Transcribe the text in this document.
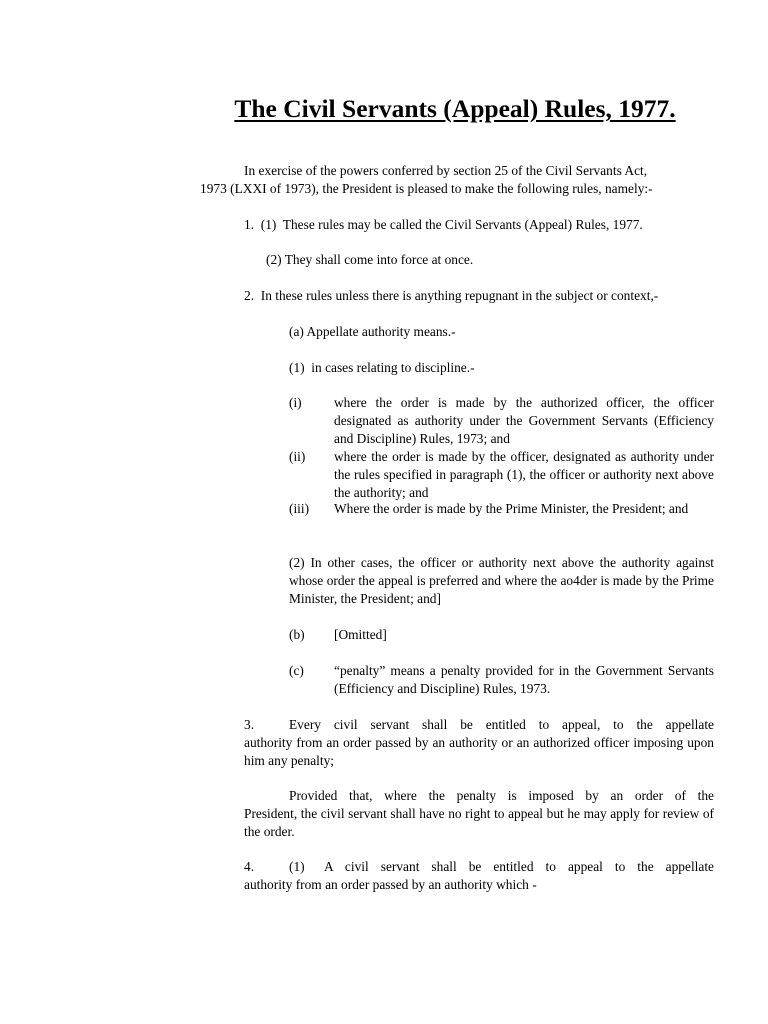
The Civil Servants (Appeal) Rules, 1977.

In exercise of the powers conferred by section 25 of the Civil Servants Act,

1973 (LXXI of 1973), the President is pleased to make the following rules, namely:-

1.  (1)  These rules may be called the Civil Servants (Appeal) Rules, 1977.

(2) They shall come into force at once.

2.  In these rules unless there is anything repugnant in the subject or context,-

(a) Appellate authority means.-

(1)  in cases relating to discipline.-

(i) where the order is made by the authorized officer, the officer designated as authority under the Government Servants (Efficiency and Discipline) Rules, 1973; and

(ii) where the order is made by the officer, designated as authority under the rules specified in paragraph (1), the officer or authority next above the authority; and

(iii) Where the order is made by the Prime Minister, the President; and

(2) In other cases, the officer or authority next above the authority against whose order the appeal is preferred and where the ao4der is made by the Prime Minister, the President; and]

(b) [Omitted]
(c) “penalty” means a penalty provided for in the Government Servants (Efficiency and Discipline) Rules, 1973.

3.	Every civil servant shall be entitled to appeal, to the appellate

authority from an order passed by an authority or an authorized officer imposing upon him any penalty;

Provided that, where the penalty is imposed by an order of the

President, the civil servant shall have no right to appeal but he may apply for review of the order.

4.	(1) A civil servant shall be entitled to appeal to the appellate

authority from an order passed by an authority which -
